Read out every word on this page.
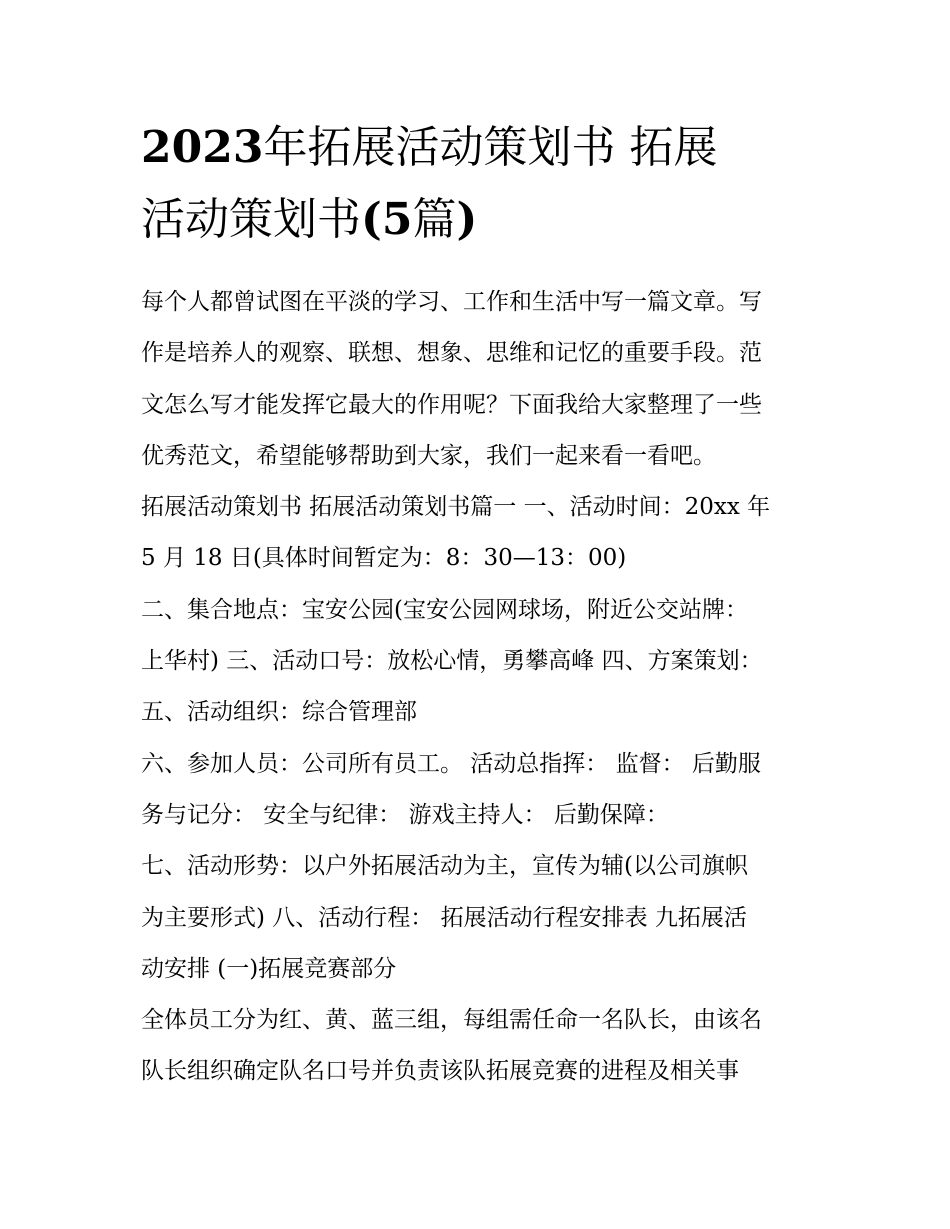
2023年拓展活动策划书 拓展
活动策划书(5篇)
每个人都曾试图在平淡的学习、工作和生活中写一篇文章。写
作是培养人的观察、联想、想象、思维和记忆的重要手段。范
文怎么写才能发挥它最大的作用呢？下面我给大家整理了一些
优秀范文，希望能够帮助到大家，我们一起来看一看吧。
拓展活动策划书 拓展活动策划书篇一 一、活动时间：20xx 年
5 月 18 日(具体时间暂定为：8：30—13：00)
二、集合地点：宝安公园(宝安公园网球场，附近公交站牌：
上华村) 三、活动口号：放松心情，勇攀高峰 四、方案策划：
五、活动组织：综合管理部
六、参加人员：公司所有员工。 活动总指挥： 监督： 后勤服
务与记分： 安全与纪律： 游戏主持人： 后勤保障：
七、活动形势：以户外拓展活动为主，宣传为辅(以公司旗帜
为主要形式) 八、活动行程： 拓展活动行程安排表 九拓展活
动安排 (一)拓展竞赛部分
全体员工分为红、黄、蓝三组，每组需任命一名队长，由该名
队长组织确定队名口号并负责该队拓展竞赛的进程及相关事
